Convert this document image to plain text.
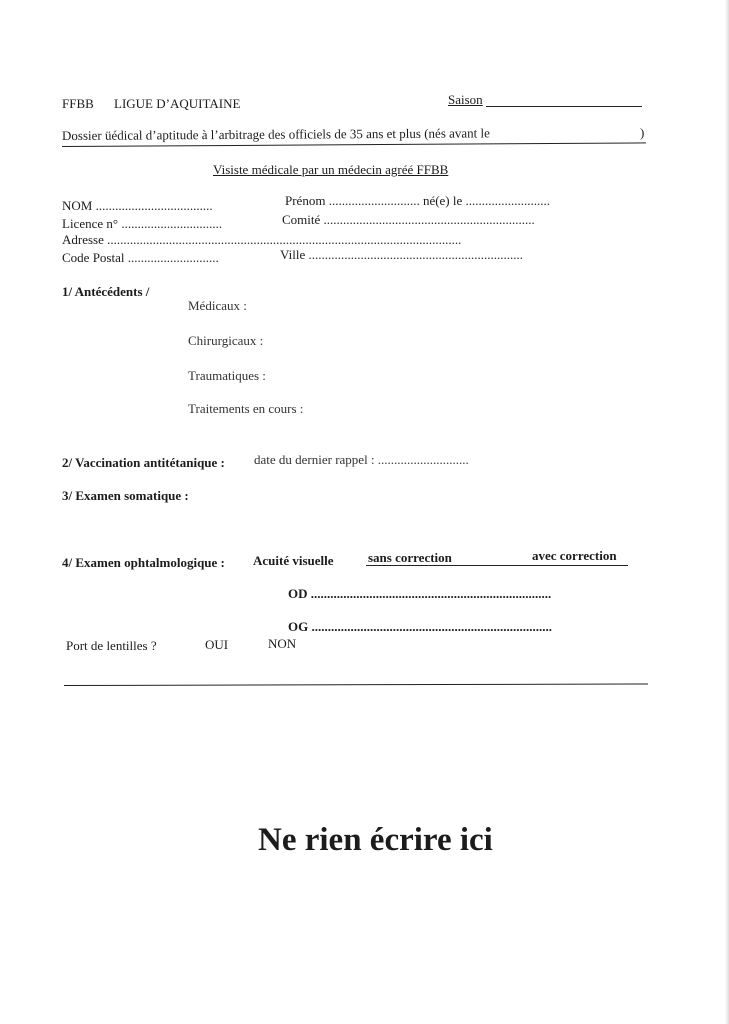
FFBB LIGUE D’AQUITAINE	Saison
Dossier üédical d’aptitude à l’arbitrage des officiels de 35 ans et plus (nés avant le	)
Visiste médicale par un médecin agréé FFBB
NOM ....................................	Prénom ............................ né(e) le ..........................
Licence n° ...............................	Comité .................................................................
Adresse .............................................................................................................
Code Postal ............................	Ville ..................................................................
1/ Antécédents /
Médicaux :
Chirurgicaux :
Traumatiques :
Traitements en cours :
2/ Vaccination antitétanique : date du dernier rappel : ............................
3/ Examen somatique :
4/ Examen ophtalmologique : Acuité visuelle	sans correction	avec correction
OD ..........................................................................
OG ..........................................................................
Port de lentilles ?	OUI	NON
Ne rien écrire ici
